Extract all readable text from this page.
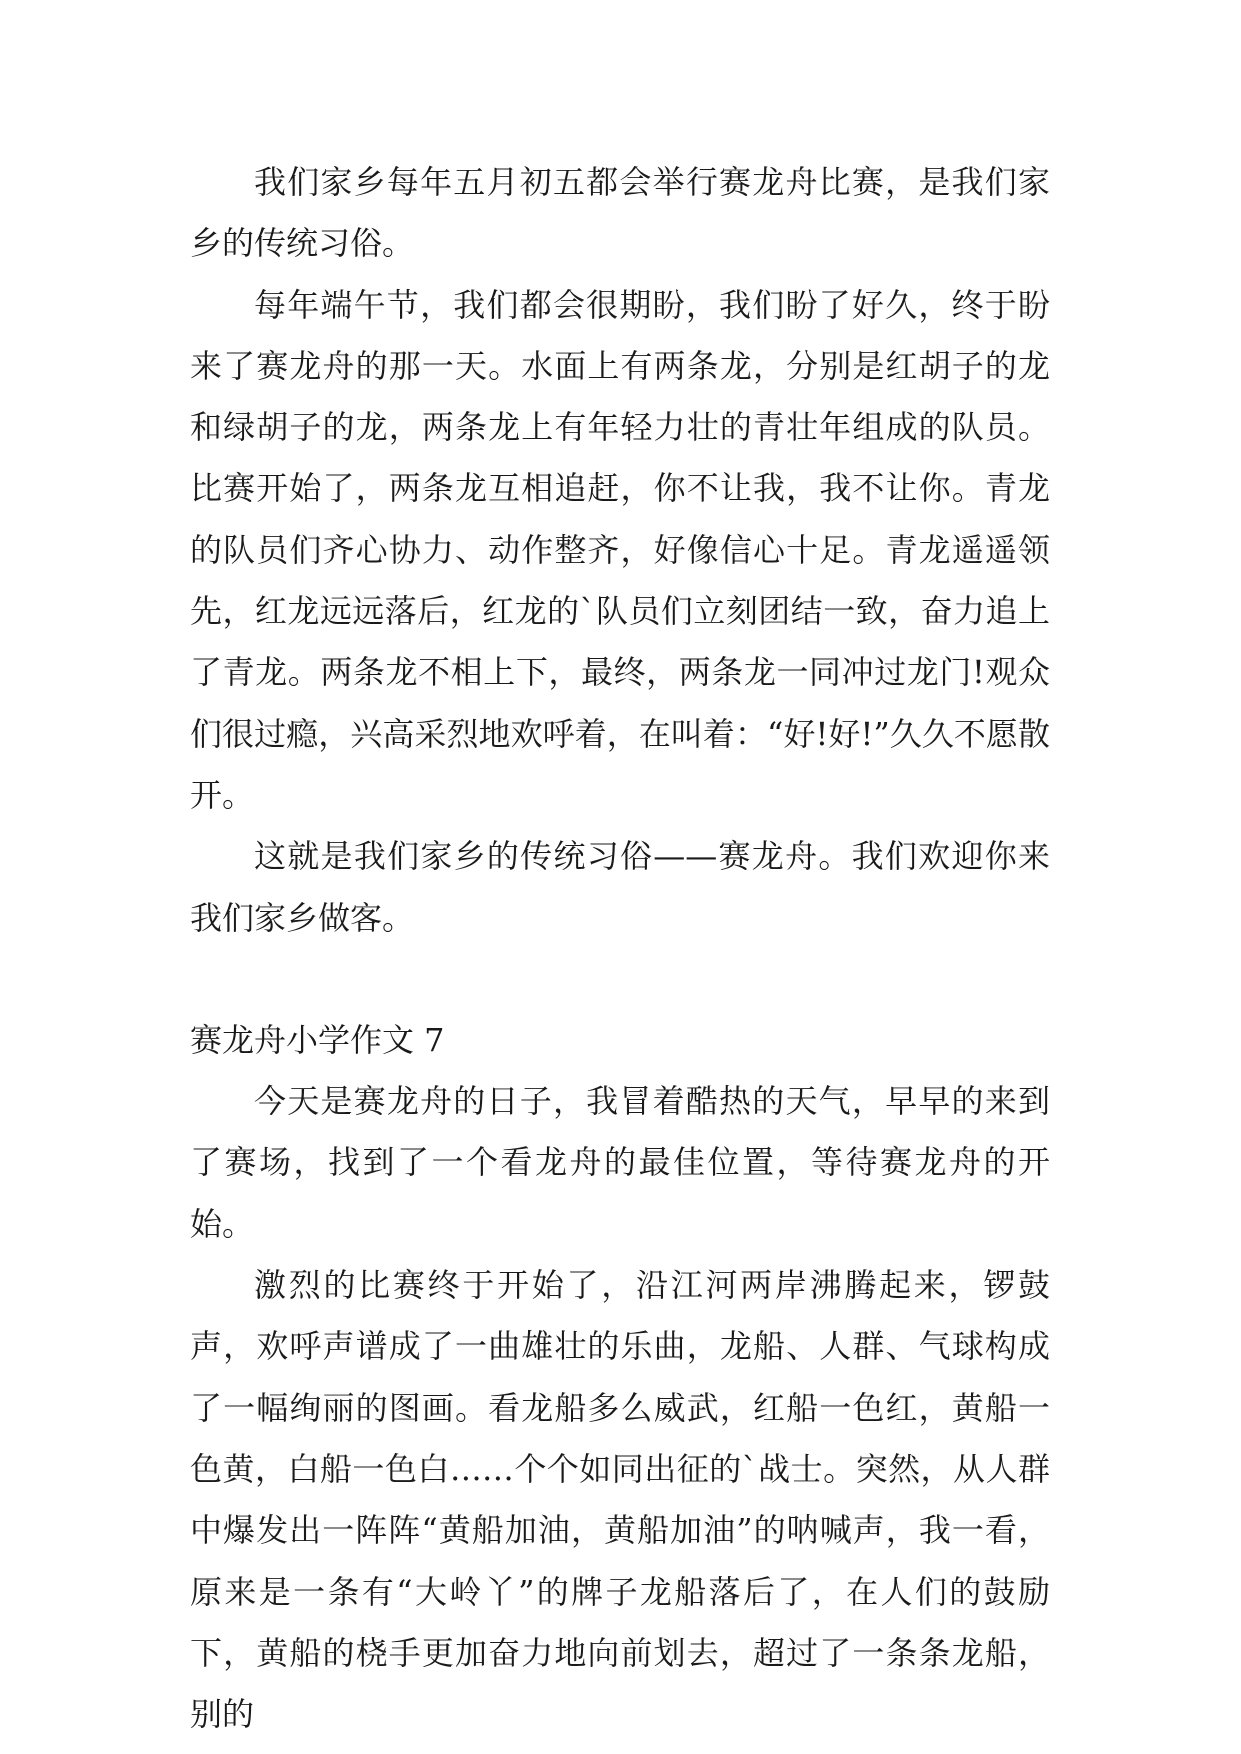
我们家乡每年五月初五都会举行赛龙舟比赛，是我们家乡的传统习俗。

每年端午节，我们都会很期盼，我们盼了好久，终于盼来了赛龙舟的那一天。水面上有两条龙，分别是红胡子的龙和绿胡子的龙，两条龙上有年轻力壮的青壮年组成的队员。比赛开始了，两条龙互相追赶，你不让我，我不让你。青龙的队员们齐心协力、动作整齐，好像信心十足。青龙遥遥领先，红龙远远落后，红龙的`队员们立刻团结一致，奋力追上了青龙。两条龙不相上下，最终，两条龙一同冲过龙门!观众们很过瘾，兴高采烈地欢呼着，在叫着：“好!好!”久久不愿散开。

这就是我们家乡的传统习俗——赛龙舟。我们欢迎你来我们家乡做客。

赛龙舟小学作文 7

今天是赛龙舟的日子，我冒着酷热的天气，早早的来到了赛场，找到了一个看龙舟的最佳位置，等待赛龙舟的开始。

激烈的比赛终于开始了，沿江河两岸沸腾起来，锣鼓声，欢呼声谱成了一曲雄壮的乐曲，龙船、人群、气球构成了一幅绚丽的图画。看龙船多么威武，红船一色红，黄船一色黄，白船一色白……个个如同出征的`战士。突然，从人群中爆发出一阵阵“黄船加油，黄船加油”的呐喊声，我一看，原来是一条有“大岭丫”的牌子龙船落后了，在人们的鼓励下，黄船的桡手更加奋力地向前划去，超过了一条条龙船，别的
